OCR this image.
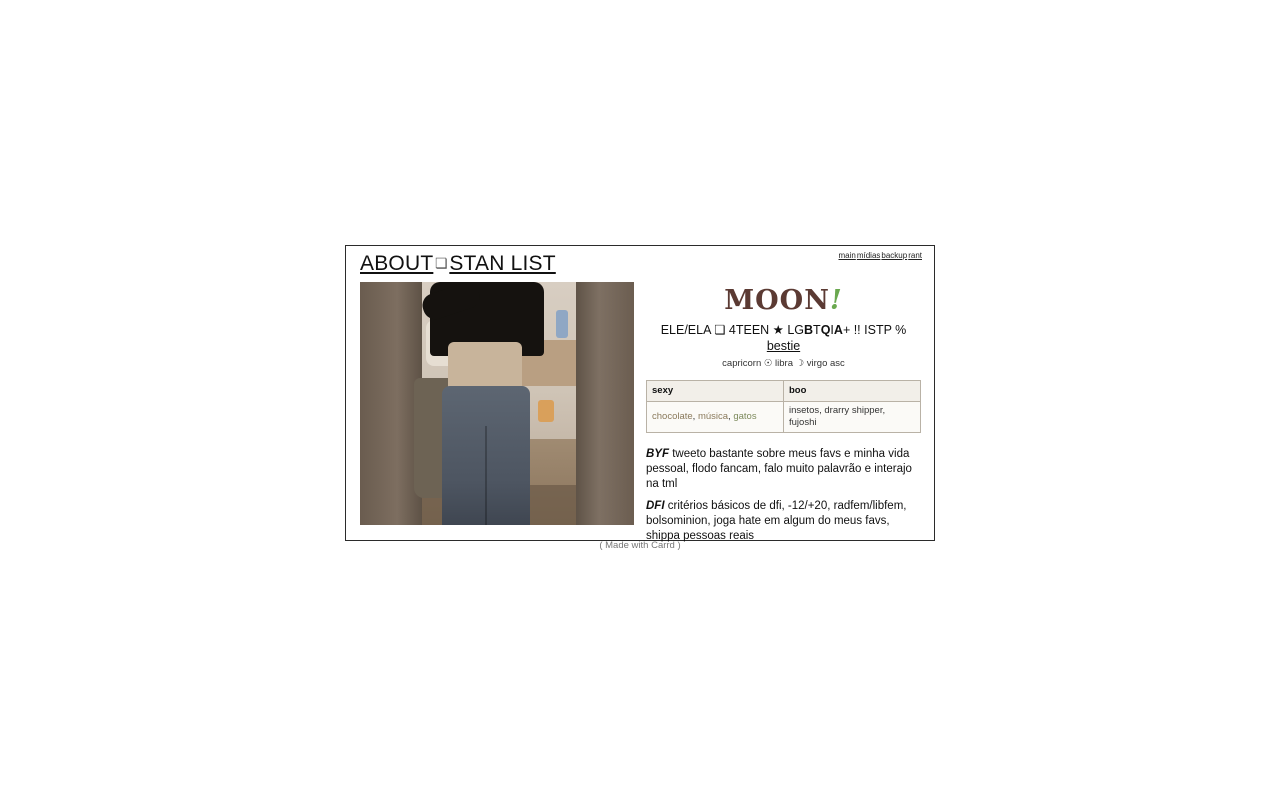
ABOUT ❏STAN LIST	mainmídiasbackuprant
MOON!
ELE/ELA ❏ 4TEEN ★ LGBTQIA+ !! ISTP % bestie
capricorn ☉ libra ☽ virgo asc
sexy	boo
chocolate, música, gatos	insetos, drarry shipper, fujoshi
BYF tweeto bastante sobre meus favs e minha vida pessoal, flodo fancam, falo muito palavrão e interajo na tml
DFI critérios básicos de dfi, -12/+20, radfem/libfem, bolsominion, joga hate em algum do meus favs, shippa pessoas reais
( Made with Carrd )
